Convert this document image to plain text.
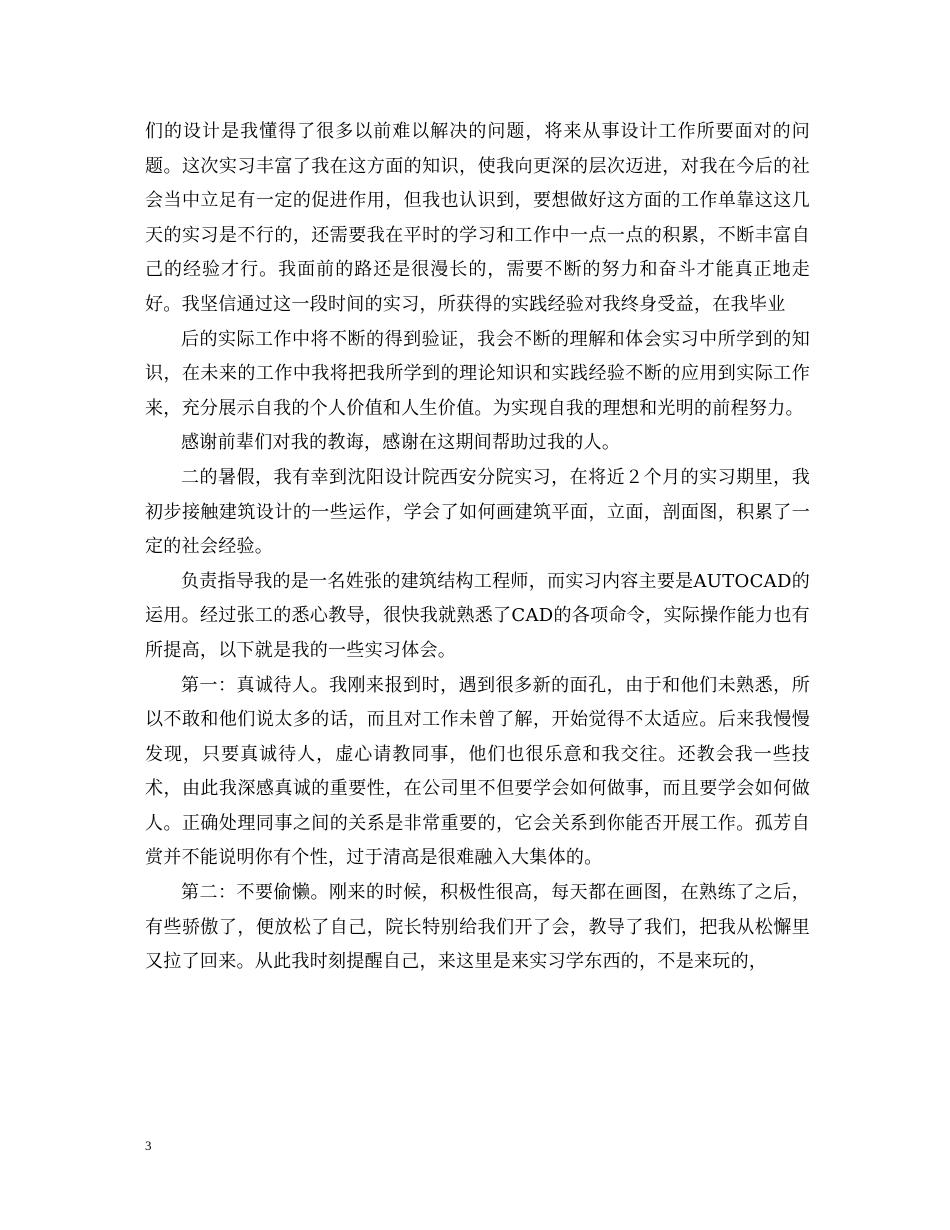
们的设计是我懂得了很多以前难以解决的问题，将来从事设计工作所要面对的问题。这次实习丰富了我在这方面的知识，使我向更深的层次迈进，对我在今后的社会当中立足有一定的促进作用，但我也认识到，要想做好这方面的工作单靠这这几天的实习是不行的，还需要我在平时的学习和工作中一点一点的积累，不断丰富自己的经验才行。我面前的路还是很漫长的，需要不断的努力和奋斗才能真正地走好。我坚信通过这一段时间的实习，所获得的实践经验对我终身受益，在我毕业

后的实际工作中将不断的得到验证，我会不断的理解和体会实习中所学到的知识，在未来的工作中我将把我所学到的理论知识和实践经验不断的应用到实际工作来，充分展示自我的个人价值和人生价值。为实现自我的理想和光明的前程努力。

感谢前辈们对我的教诲，感谢在这期间帮助过我的人。

二的暑假，我有幸到沈阳设计院西安分院实习，在将近２个月的实习期里，我初步接触建筑设计的一些运作，学会了如何画建筑平面，立面，剖面图，积累了一定的社会经验。

负责指导我的是一名姓张的建筑结构工程师，而实习内容主要是AUTOCAD的运用。经过张工的悉心教导，很快我就熟悉了CAD的各项命令，实际操作能力也有所提高，以下就是我的一些实习体会。

第一：真诚待人。我刚来报到时，遇到很多新的面孔，由于和他们未熟悉，所以不敢和他们说太多的话，而且对工作未曾了解，开始觉得不太适应。后来我慢慢发现，只要真诚待人，虚心请教同事，他们也很乐意和我交往。还教会我一些技术，由此我深感真诚的重要性，在公司里不但要学会如何做事，而且要学会如何做人。正确处理同事之间的关系是非常重要的，它会关系到你能否开展工作。孤芳自赏并不能说明你有个性，过于清高是很难融入大集体的。

第二：不要偷懒。刚来的时候，积极性很高，每天都在画图，在熟练了之后，有些骄傲了，便放松了自己，院长特别给我们开了会，教导了我们，把我从松懈里又拉了回来。从此我时刻提醒自己，来这里是来实习学东西的，不是来玩的，

3
